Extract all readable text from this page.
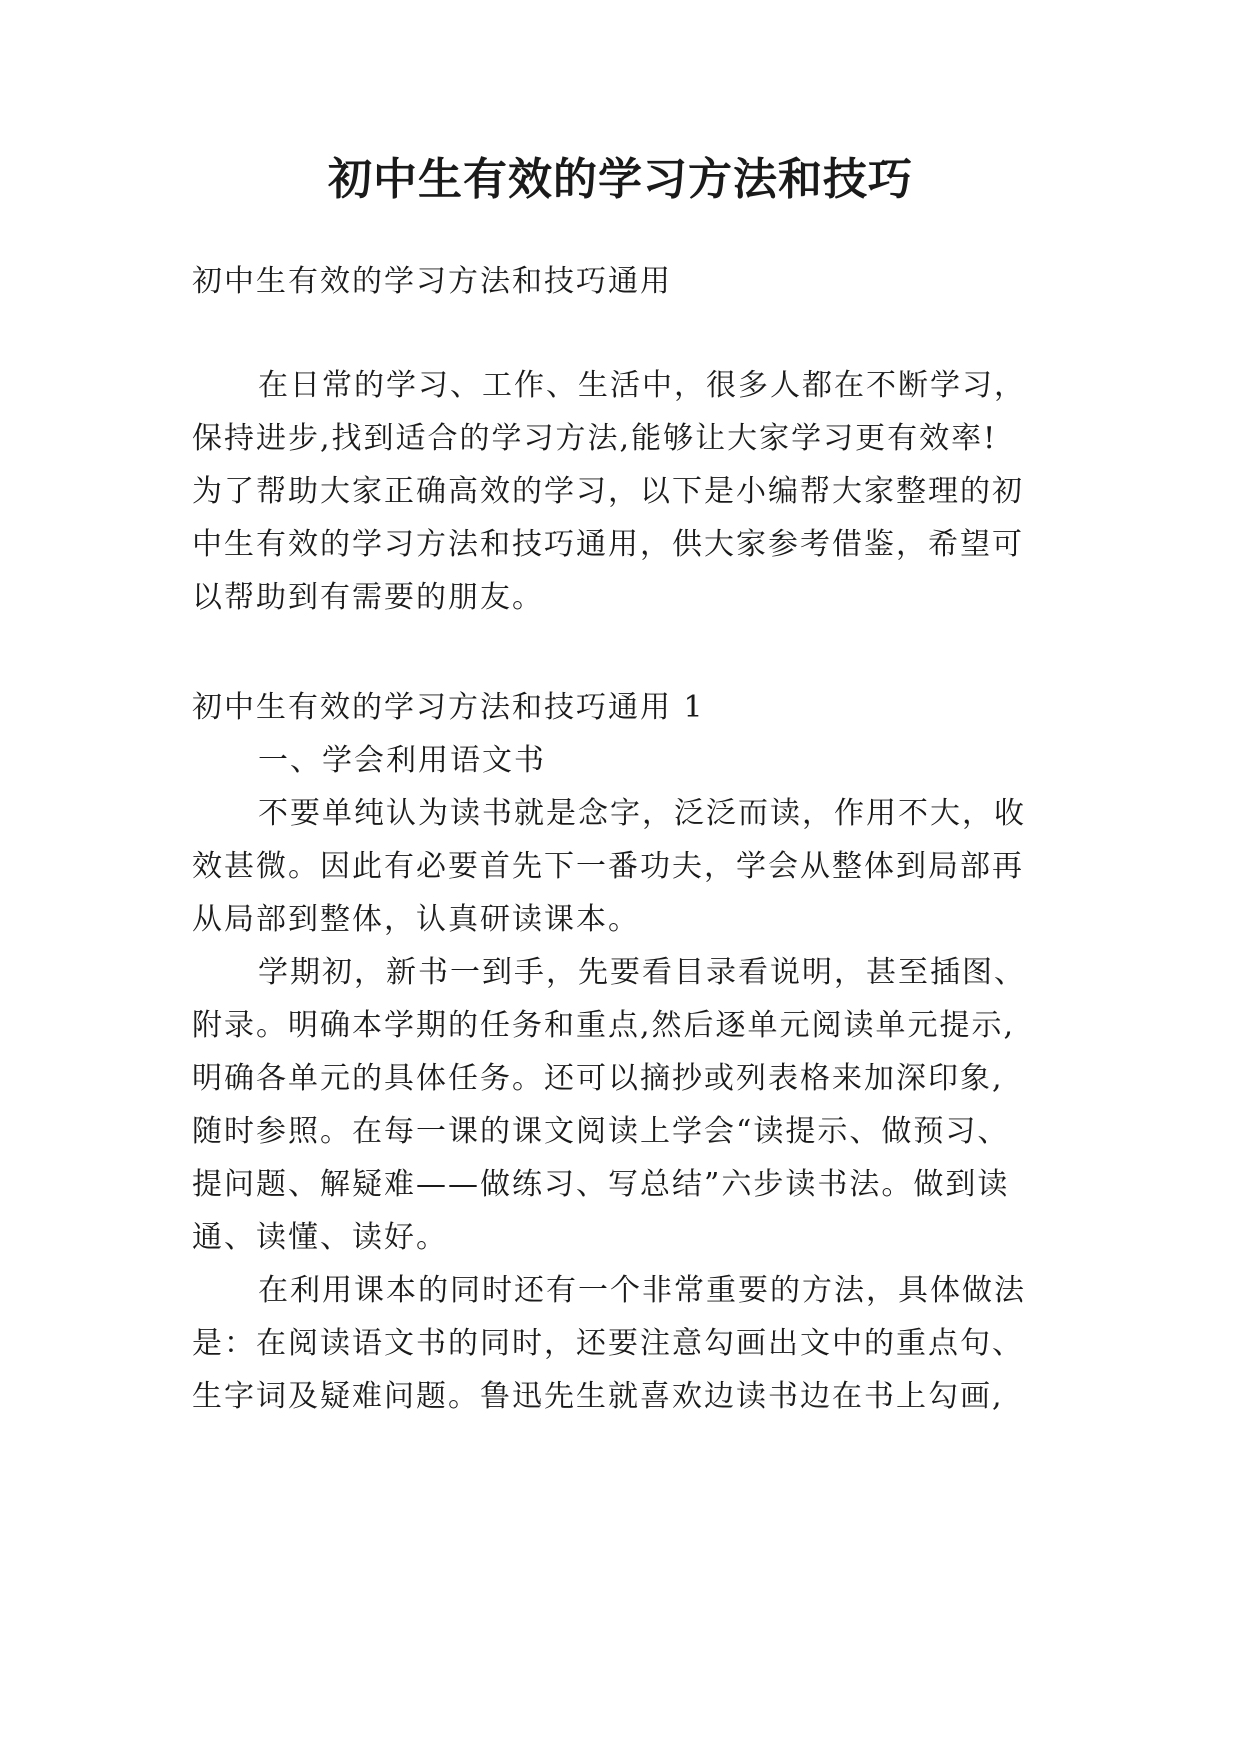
初中生有效的学习方法和技巧
初中生有效的学习方法和技巧通用
在日常的学习、工作、生活中，很多人都在不断学习，
保持进步,找到适合的学习方法,能够让大家学习更有效率!
为了帮助大家正确高效的学习，以下是小编帮大家整理的初
中生有效的学习方法和技巧通用，供大家参考借鉴，希望可
以帮助到有需要的朋友。
初中生有效的学习方法和技巧通用 1
一、学会利用语文书
不要单纯认为读书就是念字，泛泛而读，作用不大，收
效甚微。因此有必要首先下一番功夫，学会从整体到局部再
从局部到整体，认真研读课本。
学期初，新书一到手，先要看目录看说明，甚至插图、
附录。明确本学期的任务和重点,然后逐单元阅读单元提示,
明确各单元的具体任务。还可以摘抄或列表格来加深印象,
随时参照。在每一课的课文阅读上学会“读提示、做预习、
提问题、解疑难——做练习、写总结”六步读书法。做到读
通、读懂、读好。
在利用课本的同时还有一个非常重要的方法，具体做法
是：在阅读语文书的同时，还要注意勾画出文中的重点句、
生字词及疑难问题。鲁迅先生就喜欢边读书边在书上勾画,
